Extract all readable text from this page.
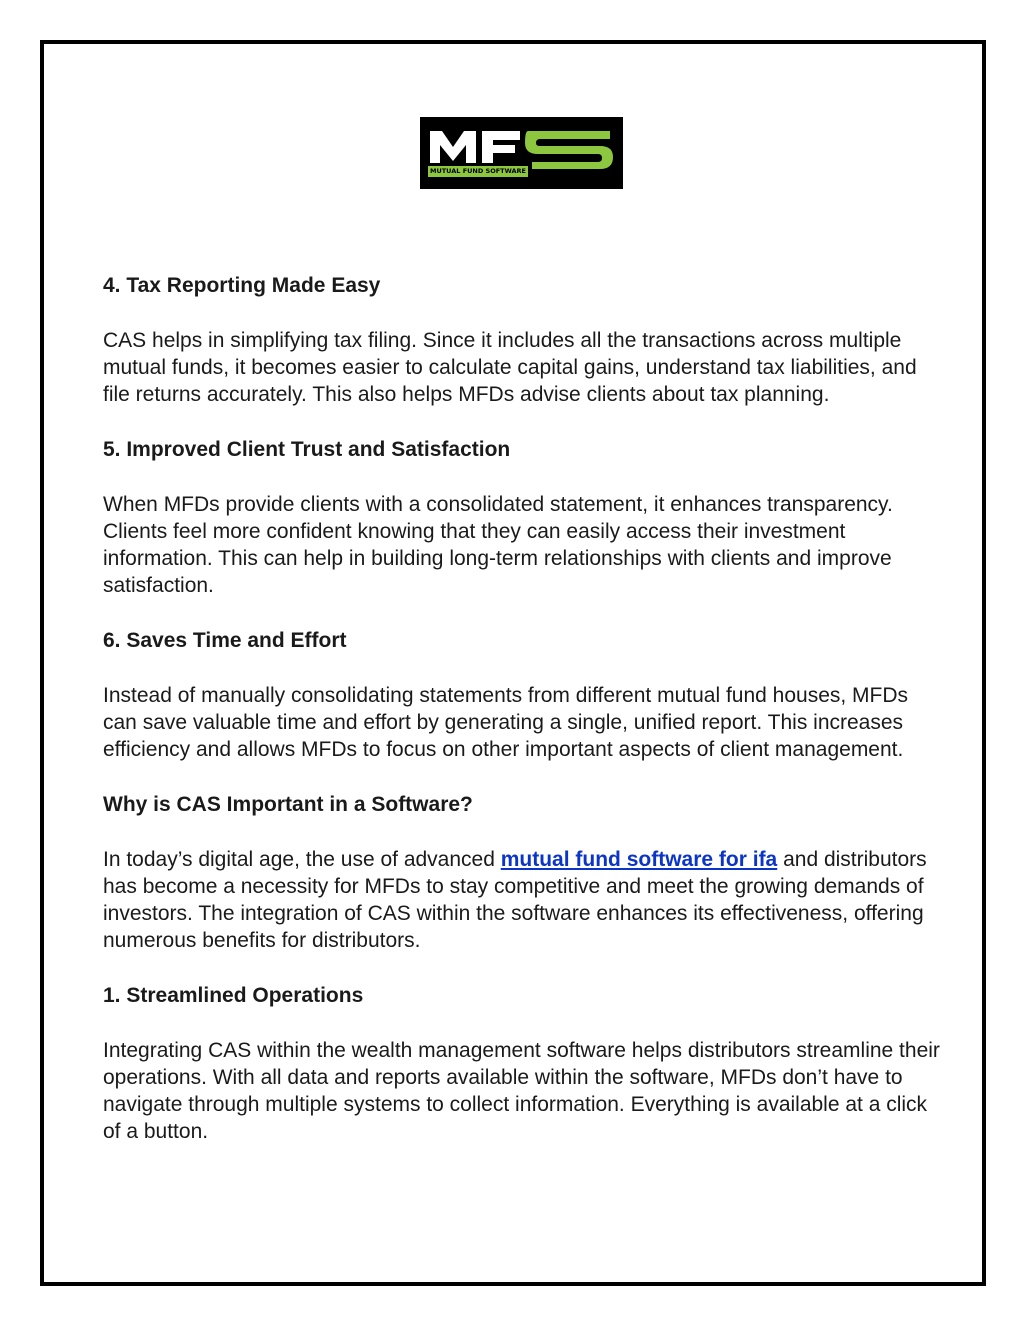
MUTUAL FUND SOFTWARE
4. Tax Reporting Made Easy
CAS helps in simplifying tax filing. Since it includes all the transactions across multiple mutual funds, it becomes easier to calculate capital gains, understand tax liabilities, and file returns accurately. This also helps MFDs advise clients about tax planning.
5. Improved Client Trust and Satisfaction
When MFDs provide clients with a consolidated statement, it enhances transparency. Clients feel more confident knowing that they can easily access their investment information. This can help in building long-term relationships with clients and improve satisfaction.
6. Saves Time and Effort
Instead of manually consolidating statements from different mutual fund houses, MFDs can save valuable time and effort by generating a single, unified report. This increases efficiency and allows MFDs to focus on other important aspects of client management.
Why is CAS Important in a Software?
In today’s digital age, the use of advanced mutual fund software for ifa and distributors has become a necessity for MFDs to stay competitive and meet the growing demands of investors. The integration of CAS within the software enhances its effectiveness, offering numerous benefits for distributors.
1. Streamlined Operations
Integrating CAS within the wealth management software helps distributors streamline their operations. With all data and reports available within the software, MFDs don’t have to navigate through multiple systems to collect information. Everything is available at a click of a button.
